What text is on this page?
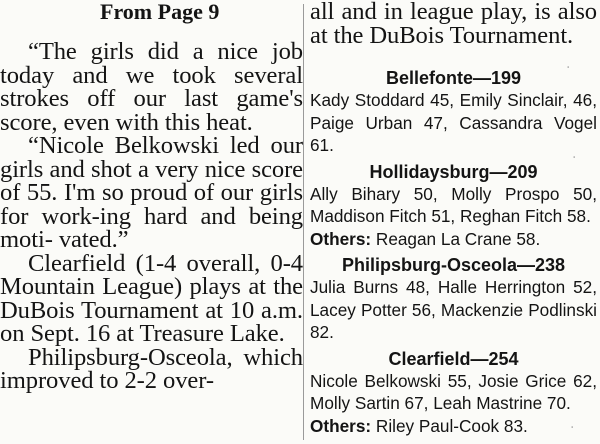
From Page 9

“The girls did a nice job today and we took several strokes off our last game's score, even with this heat.

“Nicole Belkowski led our girls and shot a very nice score of 55. I'm so proud of our girls for work-ing hard and being moti- vated.”

Clearfield (1-4 overall, 0-4 Mountain League) plays at the DuBois Tournament at 10 a.m. on Sept. 16 at Treasure Lake.

Philipsburg-Osceola, which improved to 2-2 over-

all and in league play, is also at the DuBois Tournament.

Bellefonte—199

Kady Stoddard 45, Emily Sinclair, 46, Paige Urban 47, Cassandra Vogel 61.

Hollidaysburg—209

Ally Bihary 50, Molly Prospo 50, Maddison Fitch 51, Reghan Fitch 58.
Others: Reagan La Crane 58.

Philipsburg-Osceola—238

Julia Burns 48, Halle Herrington 52, Lacey Potter 56, Mackenzie Podlinski 82.

Clearfield—254

Nicole Belkowski 55, Josie Grice 62, Molly Sartin 67, Leah Mastrine 70.
Others: Riley Paul-Cook 83.

·
·
·
